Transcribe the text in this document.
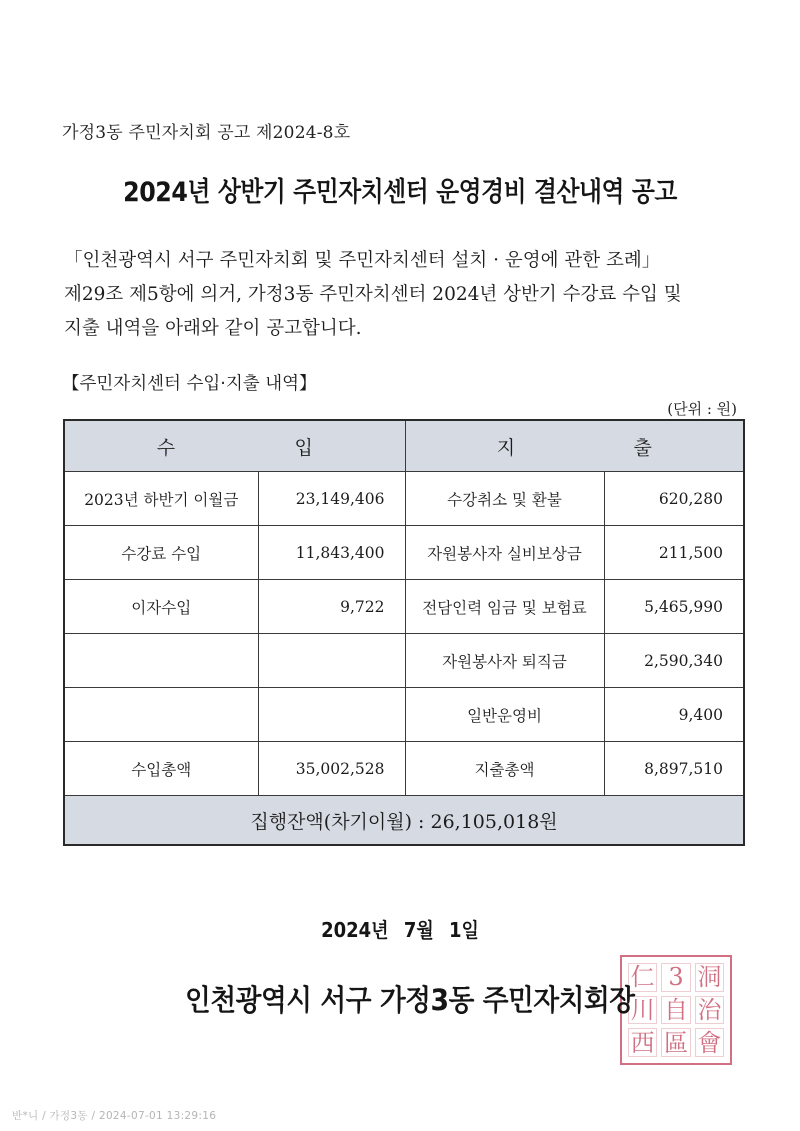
가정3동 주민자치회 공고 제2024-8호
2024년 상반기 주민자치센터 운영경비 결산내역 공고
「인천광역시 서구 주민자치회 및 주민자치센터 설치 · 운영에 관한 조례」
제29조 제5항에 의거, 가정3동 주민자치센터 2024년 상반기 수강료 수입 및
지출 내역을 아래와 같이 공고합니다.
【주민자치센터 수입·지출 내역】
(단위 : 원)
수 입		지 출	

2023년 하반기 이월금	23,149,406	수강취소 및 환불	620,280
수강료 수입	11,843,400	자원봉사자 실비보상금	211,500
이자수입	9,722	전담인력 임금 및 보험료	5,465,990
		자원봉사자 퇴직금	2,590,340
		일반운영비	9,400
수입총액	35,002,528	지출총액	8,897,510
집행잔액(차기이월) : 26,105,018원			
2024년 7월 1일
仁 3 洞
川 自 治
西 區 會
인천광역시 서구 가정3동 주민자치회장
반*니 / 가정3동 / 2024-07-01 13:29:16
